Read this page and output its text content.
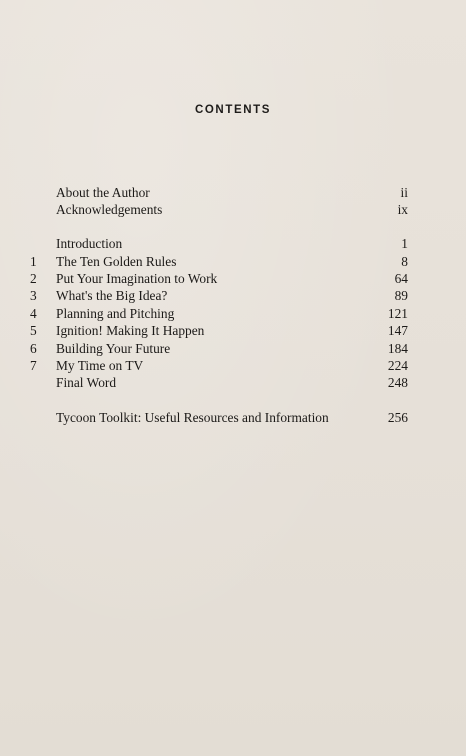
CONTENTS
About the Author	ii
Acknowledgements	ix
Introduction	1
1	The Ten Golden Rules	8
2	Put Your Imagination to Work	64
3	What's the Big Idea?	89
4	Planning and Pitching	121
5	Ignition! Making It Happen	147
6	Building Your Future	184
7	My Time on TV	224
Final Word	248
Tycoon Toolkit: Useful Resources and Information	256
